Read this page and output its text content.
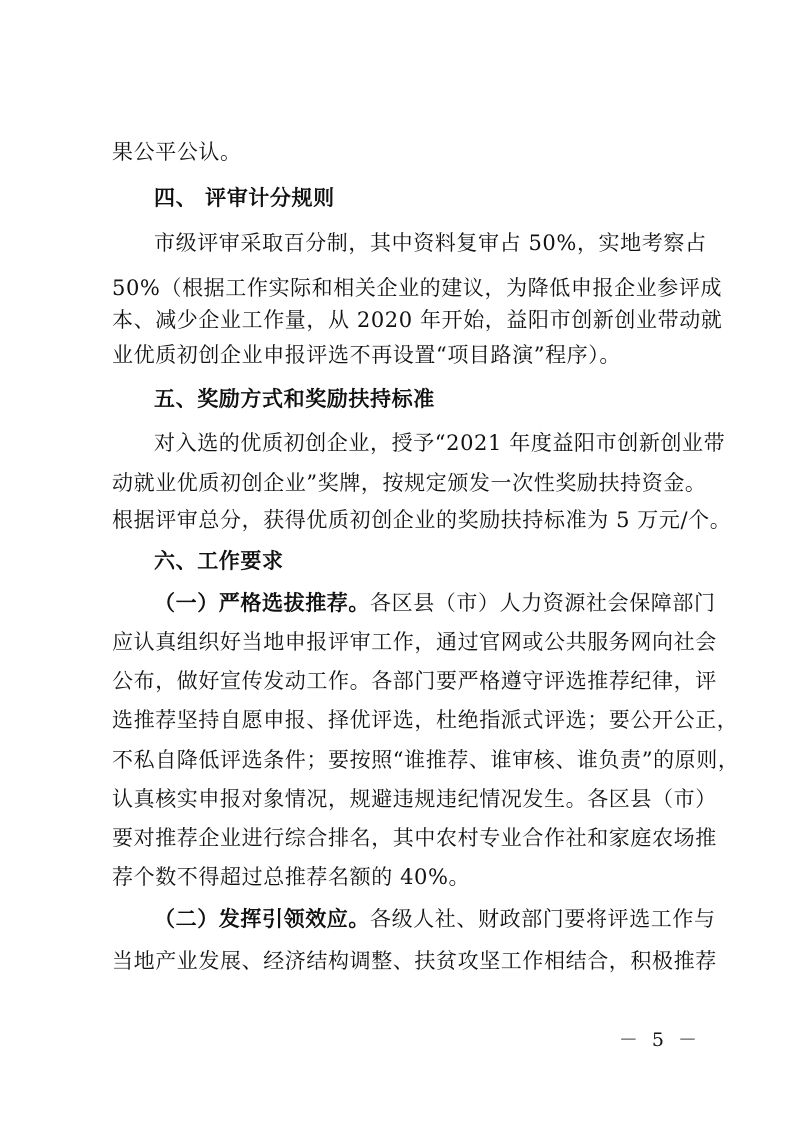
果公平公认。
四、 评审计分规则
市级评审采取百分制，其中资料复审占 50%，实地考察占
50%（根据工作实际和相关企业的建议，为降低申报企业参评成
本、减少企业工作量，从 2020 年开始，益阳市创新创业带动就
业优质初创企业申报评选不再设置“项目路演”程序）。
五、奖励方式和奖励扶持标准
对入选的优质初创企业，授予“2021 年度益阳市创新创业带
动就业优质初创企业”奖牌，按规定颁发一次性奖励扶持资金。
根据评审总分，获得优质初创企业的奖励扶持标准为 5 万元/个。
六、工作要求
（一）严格选拔推荐。各区县（市）人力资源社会保障部门
应认真组织好当地申报评审工作，通过官网或公共服务网向社会
公布，做好宣传发动工作。各部门要严格遵守评选推荐纪律，评
选推荐坚持自愿申报、择优评选，杜绝指派式评选；要公开公正，
不私自降低评选条件；要按照“谁推荐、谁审核、谁负责”的原则，
认真核实申报对象情况，规避违规违纪情况发生。各区县（市）
要对推荐企业进行综合排名，其中农村专业合作社和家庭农场推
荐个数不得超过总推荐名额的 40%。
（二）发挥引领效应。各级人社、财政部门要将评选工作与
当地产业发展、经济结构调整、扶贫攻坚工作相结合，积极推荐
－ 5 －
